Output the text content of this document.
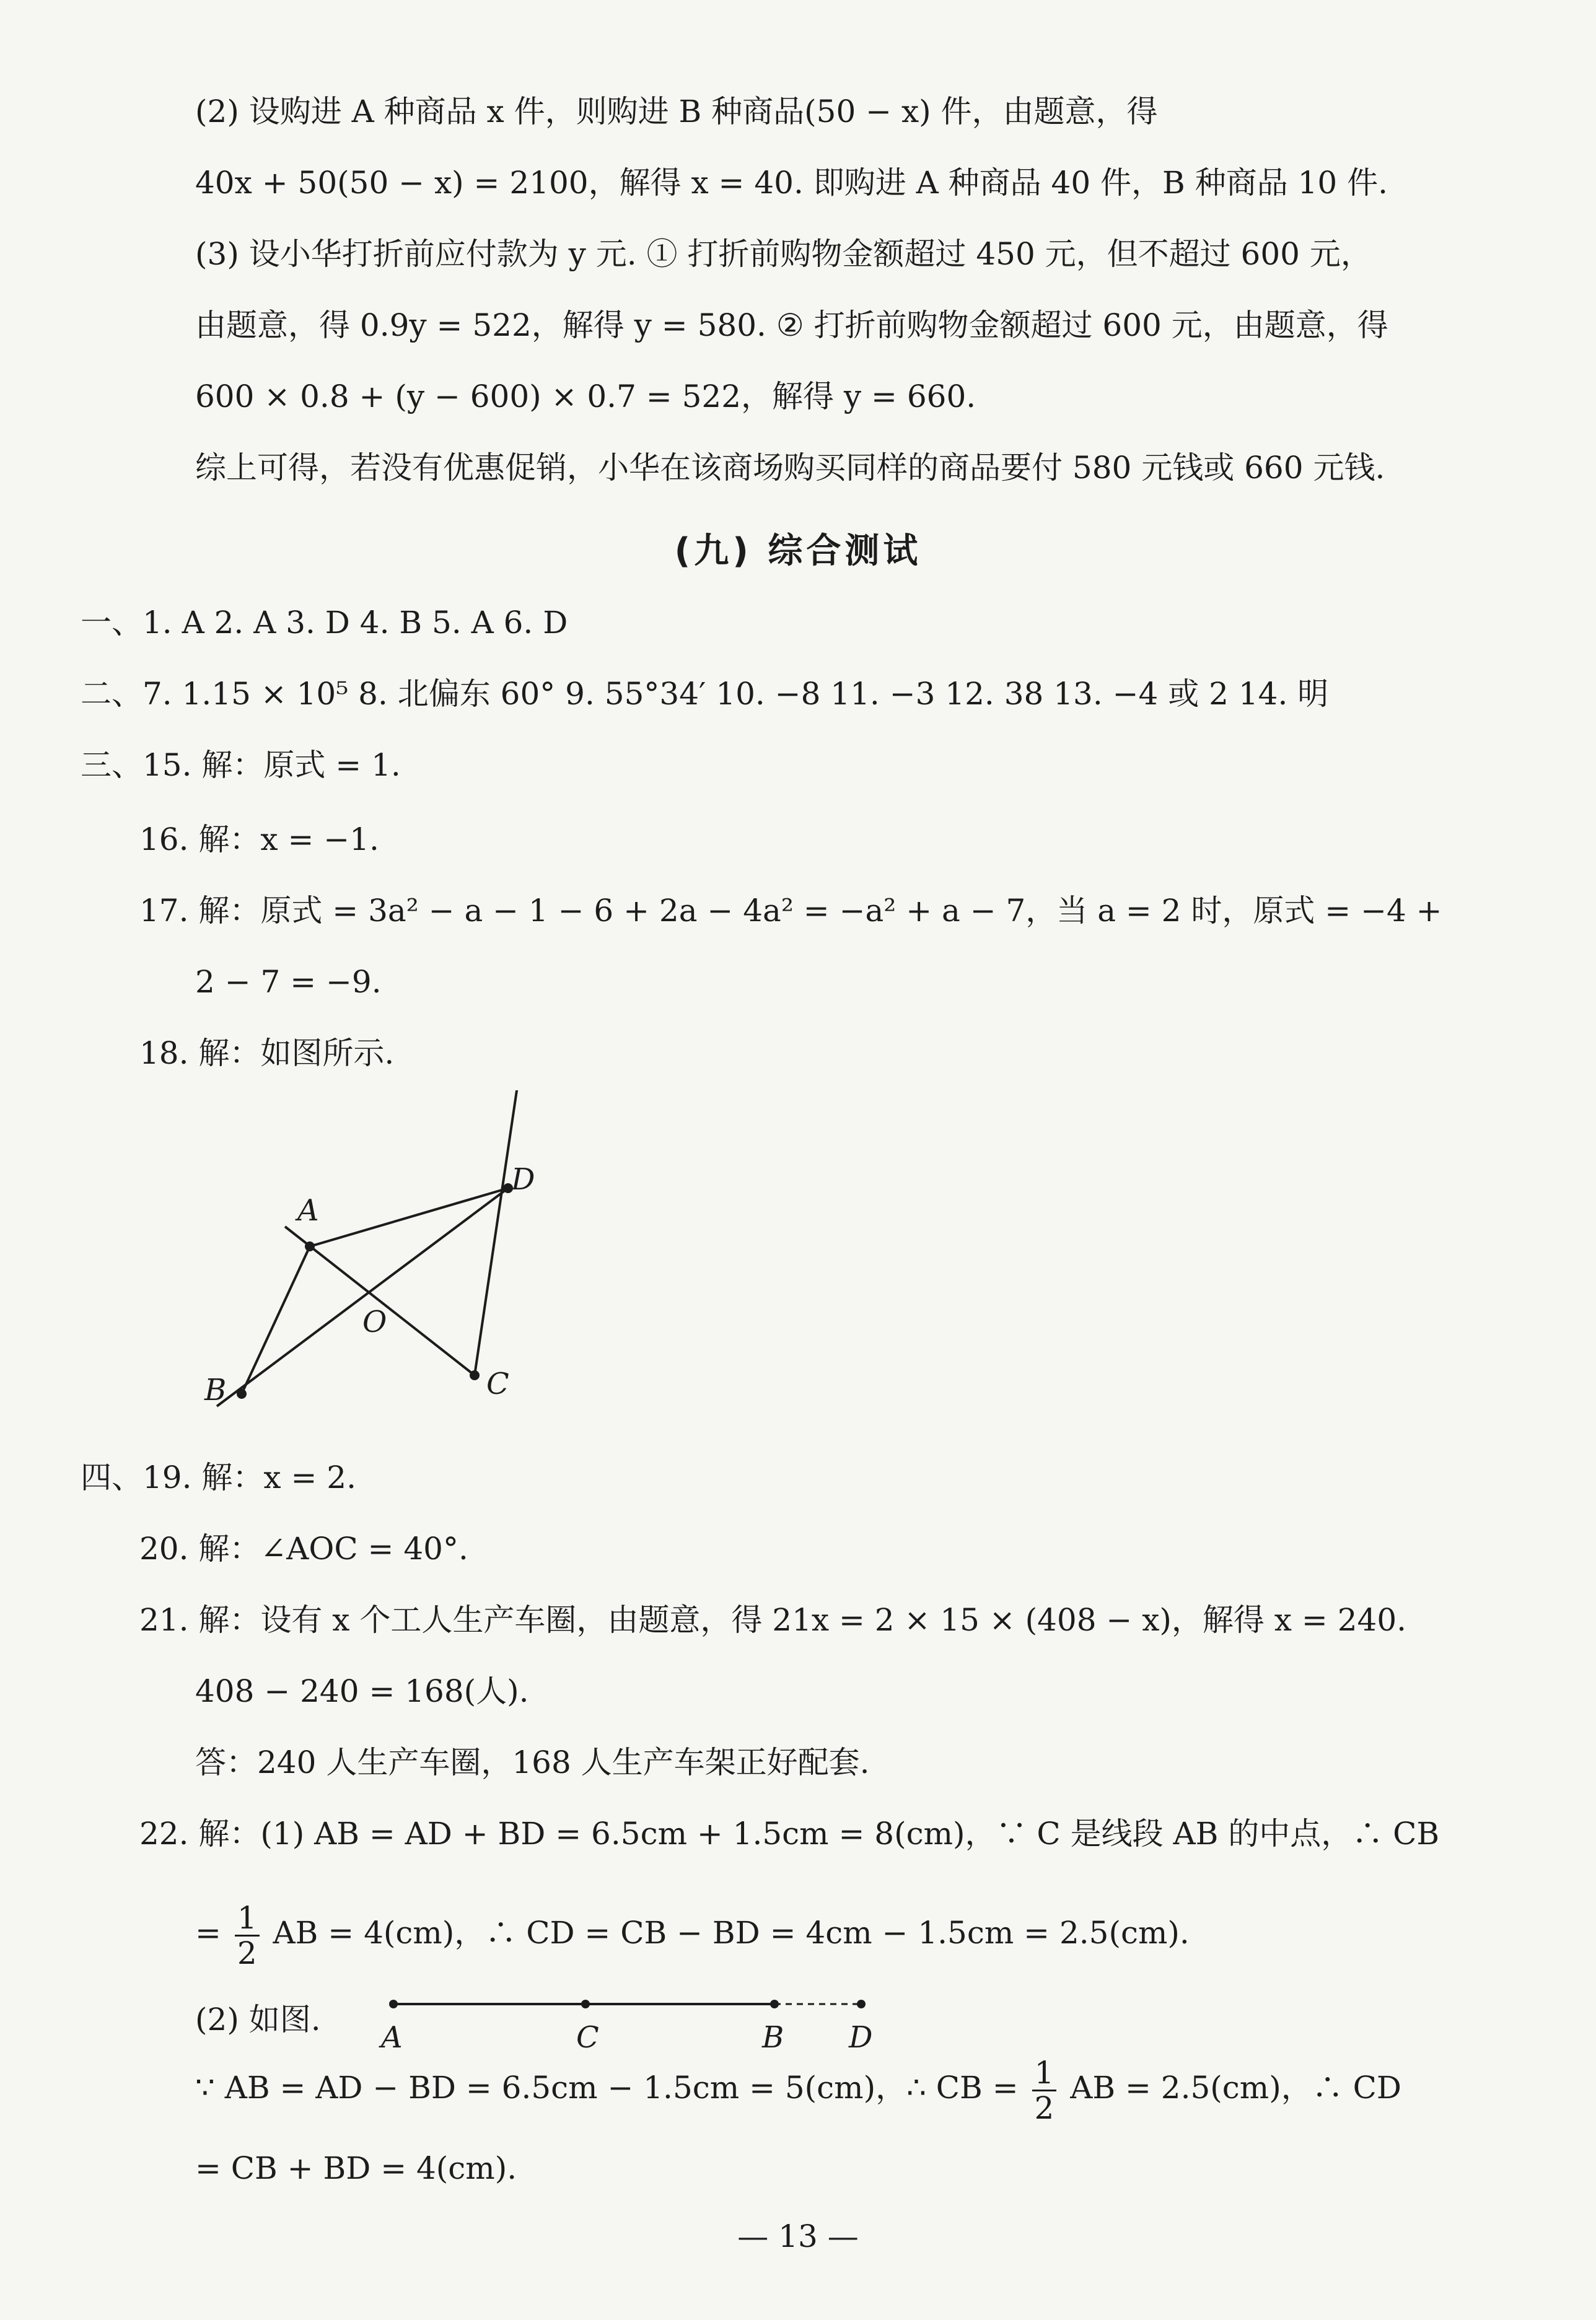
(2) 设购进 A 种商品 x 件，则购进 B 种商品(50 − x) 件，由题意，得
40x + 50(50 − x) = 2100，解得 x = 40. 即购进 A 种商品 40 件，B 种商品 10 件.
(3) 设小华打折前应付款为 y 元. ① 打折前购物金额超过 450 元，但不超过 600 元，
由题意，得 0.9y = 522，解得 y = 580. ② 打折前购物金额超过 600 元，由题意，得
600 × 0.8 + (y − 600) × 0.7 = 522，解得 y = 660.
综上可得，若没有优惠促销，小华在该商场购买同样的商品要付 580 元钱或 660 元钱.
(九) 综合测试
一、1. A 2. A 3. D 4. B 5. A 6. D
二、7. 1.15 × 10⁵ 8. 北偏东 60° 9. 55°34′ 10. −8 11. −3 12. 38 13. −4 或 2 14. 明
三、15. 解：原式 = 1.
16. 解：x = −1.
17. 解：原式 = 3a² − a − 1 − 6 + 2a − 4a² = −a² + a − 7，当 a = 2 时，原式 = −4 +
2 − 7 = −9.
18. 解：如图所示.
A
D
O
B	C
四、19. 解：x = 2.
20. 解：∠AOC = 40°.
21. 解：设有 x 个工人生产车圈，由题意，得 21x = 2 × 15 × (408 − x)，解得 x = 240.
408 − 240 = 168(人).
答：240 人生产车圈，168 人生产车架正好配套.
22. 解：(1) AB = AD + BD = 6.5cm + 1.5cm = 8(cm)，∵ C 是线段 AB 的中点，∴ CB
= $\frac{1}{2}$ AB = 4(cm)，∴ CD = CB − BD = 4cm − 1.5cm = 2.5(cm).
(2) 如图. A	C	B D
∵ AB = AD − BD = 6.5cm − 1.5cm = 5(cm)，∴ CB = $\frac{1}{2}$ AB = 2.5(cm)，∴ CD
= CB + BD = 4(cm).
— 13 —
